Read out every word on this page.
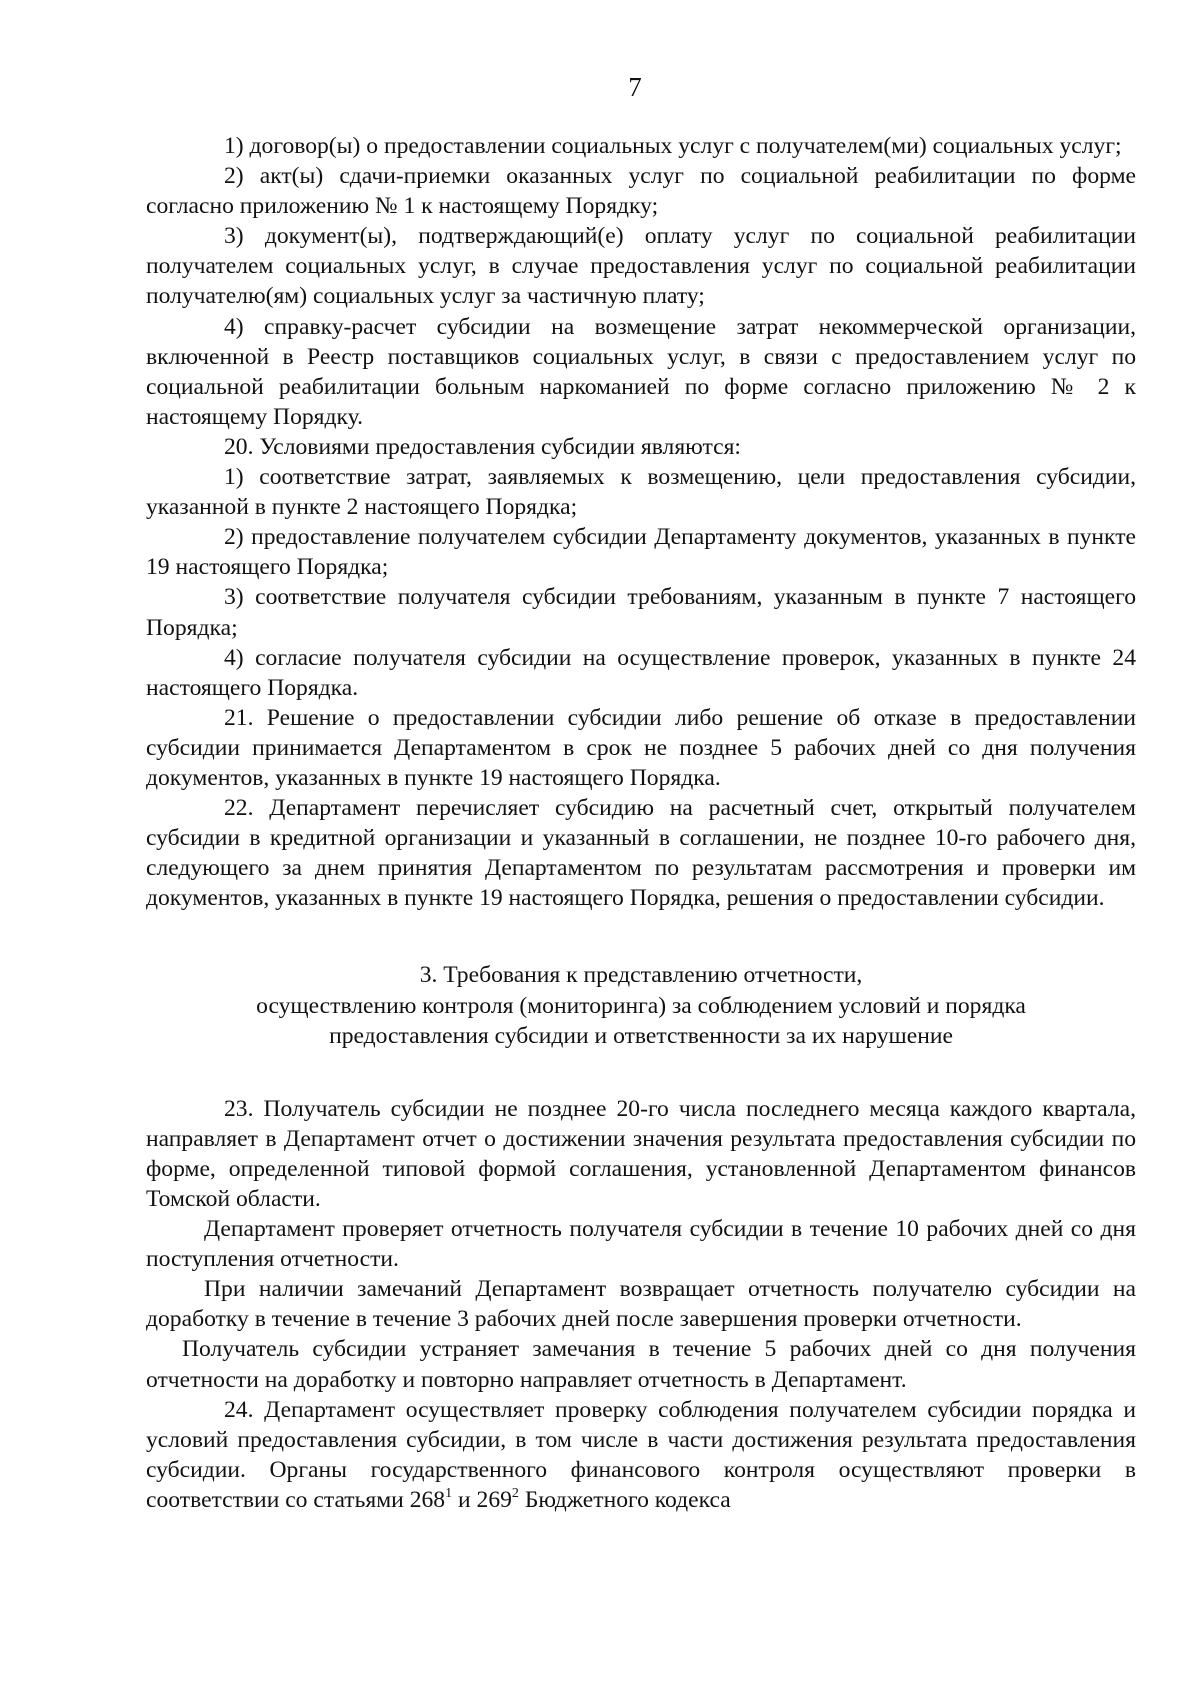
7

1) договор(ы) о предоставлении социальных услуг с получателем(ми) социальных услуг;

2) акт(ы) сдачи-приемки оказанных услуг по социальной реабилитации по форме согласно приложению № 1 к настоящему Порядку;

3) документ(ы), подтверждающий(е) оплату услуг по социальной реабилитации получателем социальных услуг, в случае предоставления услуг по социальной реабилитации получателю(ям) социальных услуг за частичную плату;

4) справку-расчет субсидии на возмещение затрат некоммерческой организации, включенной в Реестр поставщиков социальных услуг, в связи с предоставлением услуг по социальной реабилитации больным наркоманией по форме согласно приложению № 2 к настоящему Порядку.

20. Условиями предоставления субсидии являются:

1) соответствие затрат, заявляемых к возмещению, цели предоставления субсидии, указанной в пункте 2 настоящего Порядка;

2) предоставление получателем субсидии Департаменту документов, указанных в пункте 19 настоящего Порядка;

3) соответствие получателя субсидии требованиям, указанным в пункте 7 настоящего Порядка;

4) согласие получателя субсидии на осуществление проверок, указанных в пункте 24 настоящего Порядка.

21. Решение о предоставлении субсидии либо решение об отказе в предоставлении субсидии принимается Департаментом в срок не позднее 5 рабочих дней со дня получения документов, указанных в пункте 19 настоящего Порядка.

22. Департамент перечисляет субсидию на расчетный счет, открытый получателем субсидии в кредитной организации и указанный в соглашении, не позднее 10-го рабочего дня, следующего за днем принятия Департаментом по результатам рассмотрения и проверки им документов, указанных в пункте 19 настоящего Порядка, решения о предоставлении субсидии.

3. Требования к представлению отчетности,
осуществлению контроля (мониторинга) за соблюдением условий и порядка
предоставления субсидии и ответственности за их нарушение

23. Получатель субсидии не позднее 20-го числа последнего месяца каждого квартала, направляет в Департамент отчет о достижении значения результата предоставления субсидии по форме, определенной типовой формой соглашения, установленной Департаментом финансов Томской области.

Департамент проверяет отчетность получателя субсидии в течение 10 рабочих дней со дня поступления отчетности.

При наличии замечаний Департамент возвращает отчетность получателю субсидии на доработку в течение в течение 3 рабочих дней после завершения проверки отчетности.

Получатель субсидии устраняет замечания в течение 5 рабочих дней со дня получения отчетности на доработку и повторно направляет отчетность в Департамент.

24. Департамент осуществляет проверку соблюдения получателем субсидии порядка и условий предоставления субсидии, в том числе в части достижения результата предоставления субсидии. Органы государственного финансового контроля осуществляют проверки в соответствии со статьями $268^1$ и $269^2$ Бюджетного кодекса
